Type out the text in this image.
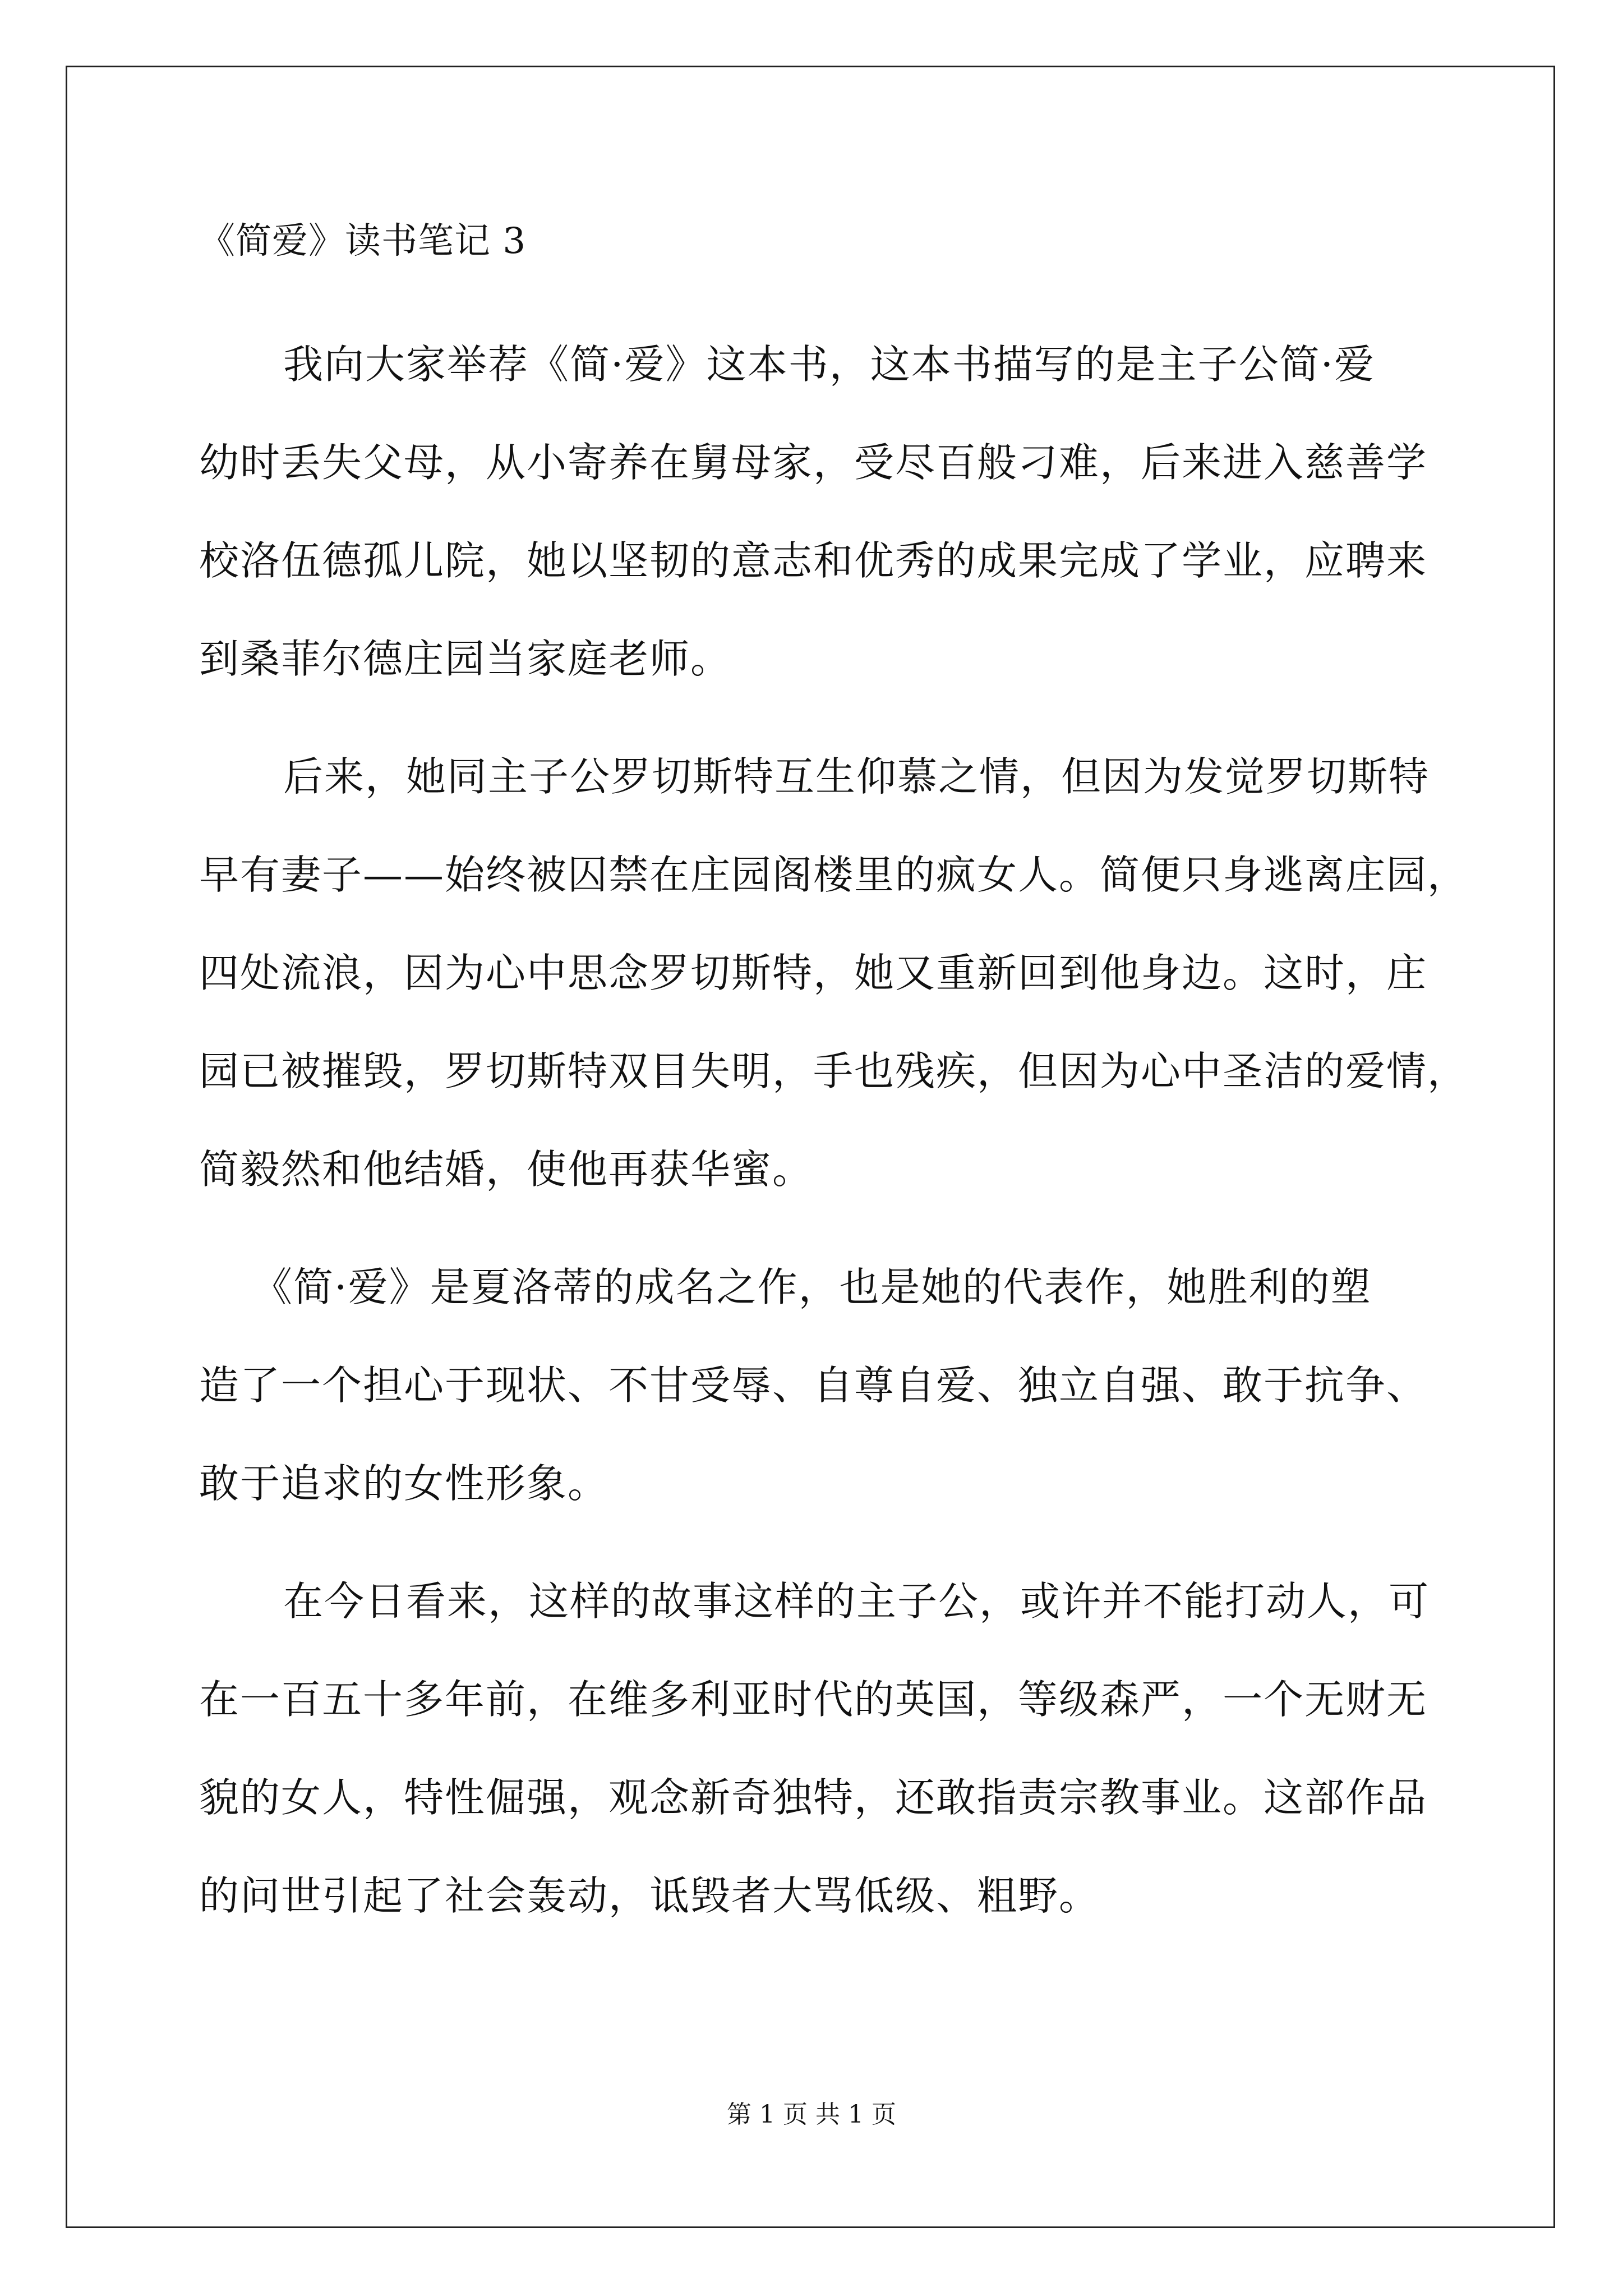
《简爱》读书笔记 3
我向大家举荐《简·爱》这本书，这本书描写的是主子公简·爱
幼时丢失父母，从小寄养在舅母家，受尽百般刁难，后来进入慈善学
校洛伍德孤儿院，她以坚韧的意志和优秀的成果完成了学业，应聘来
到桑菲尔德庄园当家庭老师。
后来，她同主子公罗切斯特互生仰慕之情，但因为发觉罗切斯特
早有妻子——始终被囚禁在庄园阁楼里的疯女人。简便只身逃离庄园，
四处流浪，因为心中思念罗切斯特，她又重新回到他身边。这时，庄
园已被摧毁，罗切斯特双目失明，手也残疾，但因为心中圣洁的爱情，
简毅然和他结婚，使他再获华蜜。
《简·爱》是夏洛蒂的成名之作，也是她的代表作，她胜利的塑
造了一个担心于现状、不甘受辱、自尊自爱、独立自强、敢于抗争、
敢于追求的女性形象。
在今日看来，这样的故事这样的主子公，或许并不能打动人，可
在一百五十多年前，在维多利亚时代的英国，等级森严，一个无财无
貌的女人，特性倔强，观念新奇独特，还敢指责宗教事业。这部作品
的问世引起了社会轰动，诋毁者大骂低级、粗野。
第 1 页 共 1 页
